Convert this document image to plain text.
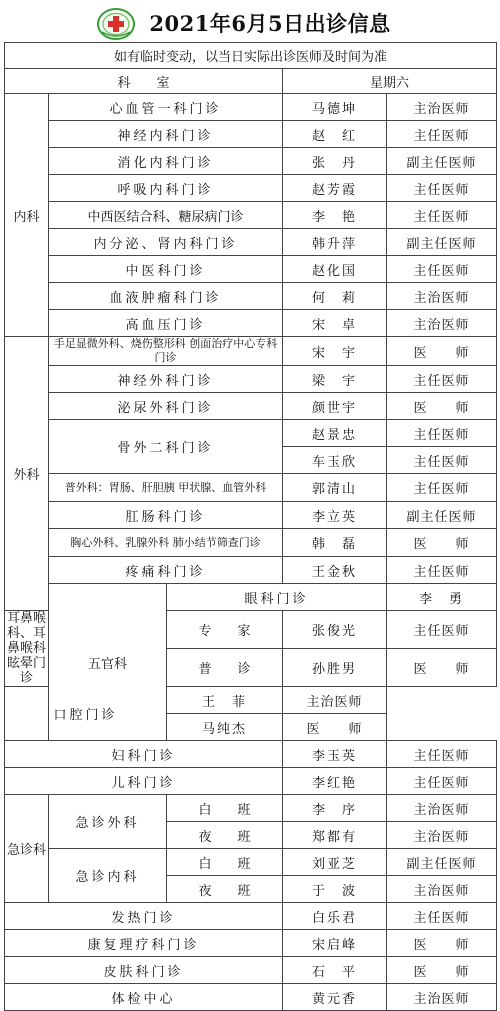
2021年6月5日出诊信息
如有临时变动，以当日实际出诊医师及时间为准					
科　　室			星期六		
内科	心血管一科门诊		马德坤	主治医师	
	神经内科门诊		赵　红	主任医师	
	消化内科门诊		张　丹	副主任医师	
	呼吸内科门诊		赵芳霞	主任医师	
	中西医结合科、糖尿病门诊		李　艳	主任医师	
	内分泌、肾内科门诊		韩升萍	副主任医师	
	中医科门诊		赵化国	主任医师	
	血液肿瘤科门诊		何　莉	主治医师	
	高血压门诊		宋　卓	主治医师	
外科	手足显微外科、烧伤整形科 创面治疗中心专科门诊		宋　宇	医　　师	
	神经外科门诊		梁　宇	主任医师	
	泌尿外科门诊		颜世宇	医　　师	
	骨外二科门诊		赵景忠	主任医师	
			车玉欣	主任医师	
	普外科：胃肠、肝胆胰 甲状腺、血管外科		郭清山	主任医师	
	肛肠科门诊		李立英	副主任医师	
	胸心外科、乳腺外科 肺小结节筛查门诊		韩　磊	医　　师	
	疼痛科门诊		王金秋	主任医师	
	五官科	眼科门诊		李　勇	
耳鼻喉科、耳鼻喉科眩晕门诊		专　　家	张俊光	主任医师	
		普　　诊	孙胜男	医　　师	
口腔门诊		王　菲	主治医师		
		马纯杰	医　　师		
妇科门诊			李玉英	主任医师	
儿科门诊			李红艳	主任医师	
急诊科	急诊外科	白　　班	李　序	主治医师	
		夜　　班	郑都有	主治医师	
	急诊内科	白　　班	刘亚芝	副主任医师	
		夜　　班	于　波	主治医师	
发热门诊			白乐君	主任医师	
康复理疗科门诊			宋启峰	医　　师	
皮肤科门诊			石　平	医　　师	
体检中心			黄元香	主治医师	
